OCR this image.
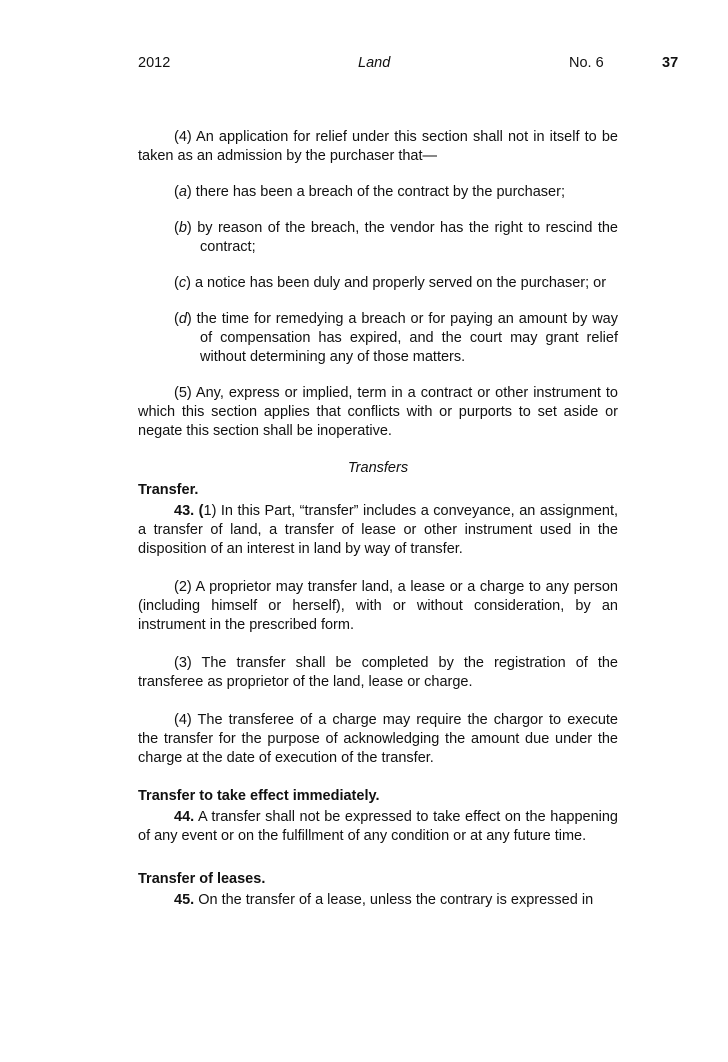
2012	Land	No. 6	37

(4) An application for relief under this section shall not in itself to be taken as an admission by the purchaser that—

(a) there has been a breach of the contract by the purchaser;

(b) by reason of the breach, the vendor has the right to rescind the contract;

(c) a notice has been duly and properly served on the purchaser; or

(d) the time for remedying a breach or for paying an amount by way of compensation has expired, and the court may grant relief without determining any of those matters.

(5) Any, express or implied, term in a contract or other instrument to which this section applies that conflicts with or purports to set aside or negate this section shall be inoperative.

Transfers

Transfer.

43. (1) In this Part, “transfer” includes a conveyance, an assignment, a transfer of land, a transfer of lease or other instrument used in the disposition of an interest in land by way of transfer.

(2) A proprietor may transfer land, a lease or a charge to any person (including himself or herself), with or without consideration, by an instrument in the prescribed form.

(3) The transfer shall be completed by the registration of the transferee as proprietor of the land, lease or charge.

(4) The transferee of a charge may require the chargor to execute the transfer for the purpose of acknowledging the amount due under the charge at the date of execution of the transfer.

Transfer to take effect immediately.

44. A transfer shall not be expressed to take effect on the happening of any event or on the fulfillment of any condition or at any future time.

Transfer of leases.

45. On the transfer of a lease, unless the contrary is expressed in
